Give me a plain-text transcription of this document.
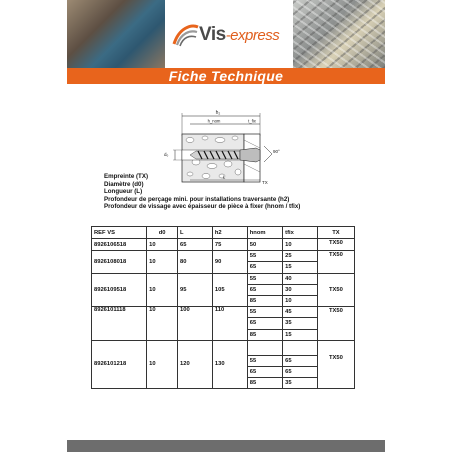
Vis-express
Fiche Technique
h₂
h_nom	t_fix
d₀
90°
L
TX
Empreinte (TX)
Diamètre (d0)
Longueur (L)
Profondeur de perçage mini. pour installations traversante (h2)
Profondeur de vissage avec épaisseur de pièce à fixer (hnom / tfix)
REF VS	d0	L	h2	hnom	tfix	TX
8926106518	10	65	75	50	10	TX50
8926108018	10	80	90	55	25	TX50
				65	15	
8926109518	10	95	105	55	40	TX50
				65	30	
				85	10	
8926101118	10	100	110	55	45	TX50
				65	35	
				85	15	
8926101218	10	120	130			TX50
				55	65	
				65	65	
				85	35	
